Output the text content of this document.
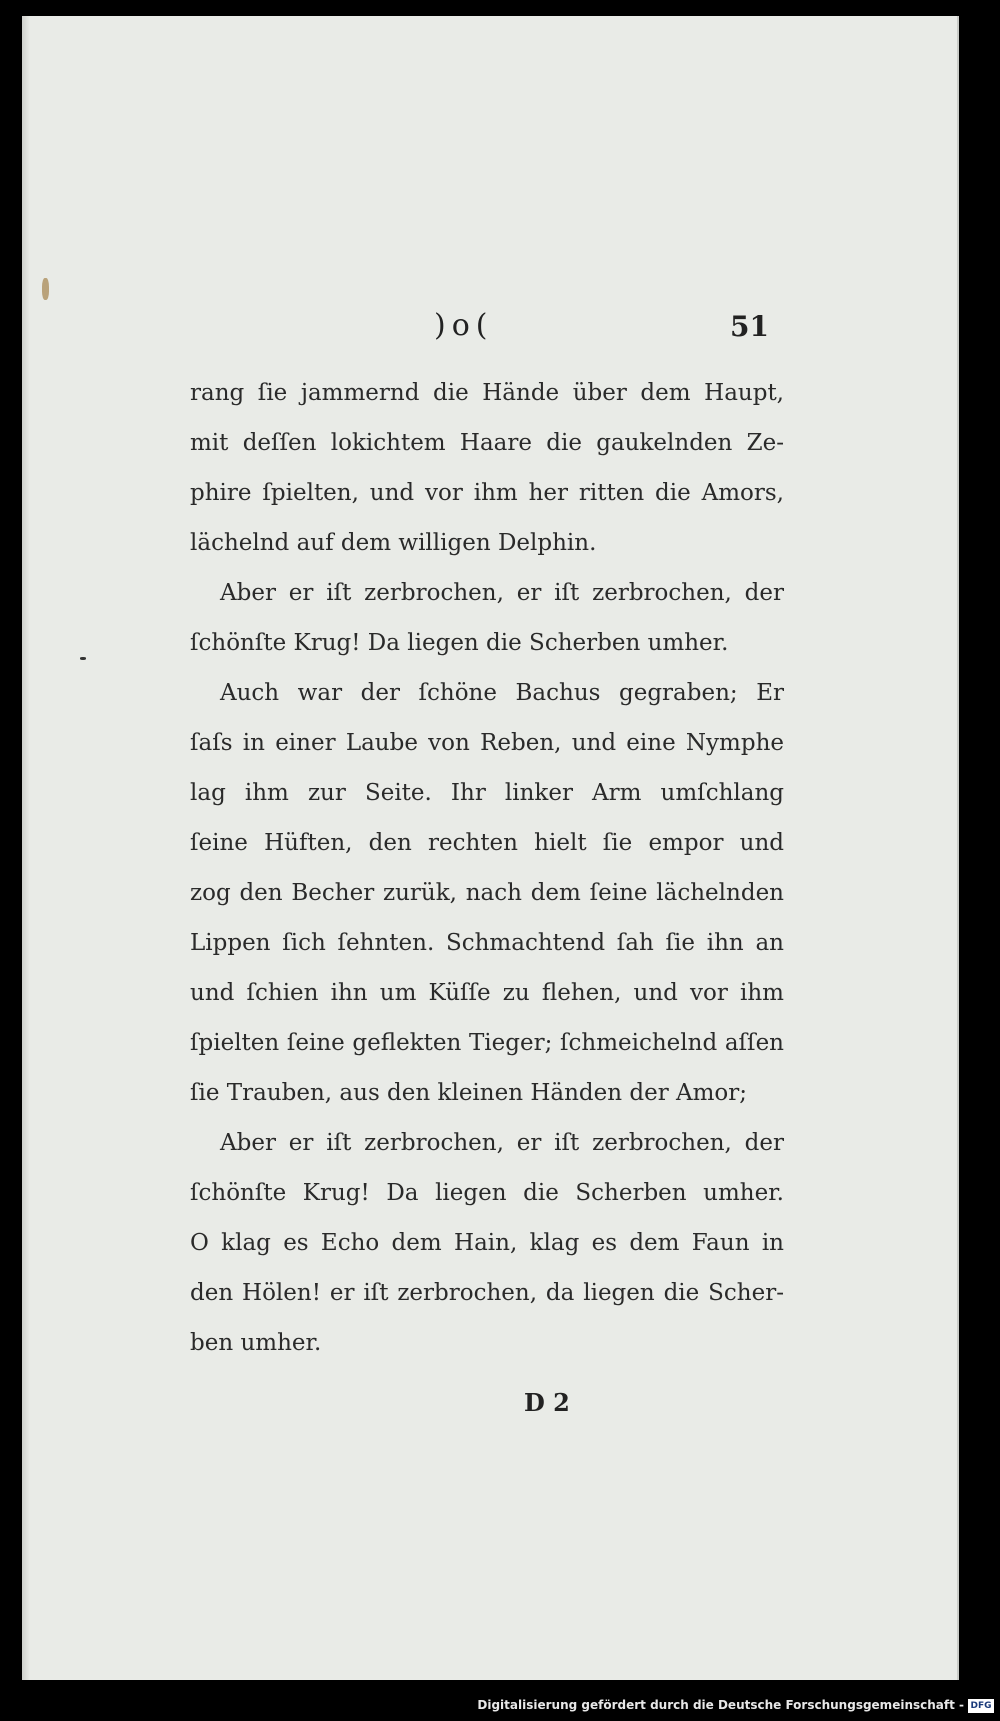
)o(	51
rang ſie jammernd die Hände über dem Haupt,
mit deſſen lokichtem Haare die gaukelnden Ze-
phire ſpielten, und vor ihm her ritten die Amors,
lächelnd auf dem willigen Delphin.
Aber er iſt zerbrochen, er iſt zerbrochen, der
ſchönſte Krug! Da liegen die Scherben umher.
Auch war der ſchöne Bachus gegraben; Er
ſaſs in einer Laube von Reben, und eine Nymphe
lag ihm zur Seite. Ihr linker Arm umſchlang
ſeine Hüften, den rechten hielt ſie empor und
zog den Becher zurük, nach dem ſeine lächelnden
Lippen ſich ſehnten. Schmachtend ſah ſie ihn an
und ſchien ihn um Küſſe zu flehen, und vor ihm
ſpielten ſeine geflekten Tieger; ſchmeichelnd aſſen
ſie Trauben, aus den kleinen Händen der Amor;
Aber er iſt zerbrochen, er iſt zerbrochen, der
ſchönſte Krug! Da liegen die Scherben umher.
O klag es Echo dem Hain, klag es dem Faun in
den Hölen! er iſt zerbrochen, da liegen die Scher-
ben umher.
D 2
Digitalisierung gefördert durch die Deutsche Forschungsgemeinschaft - DFG
